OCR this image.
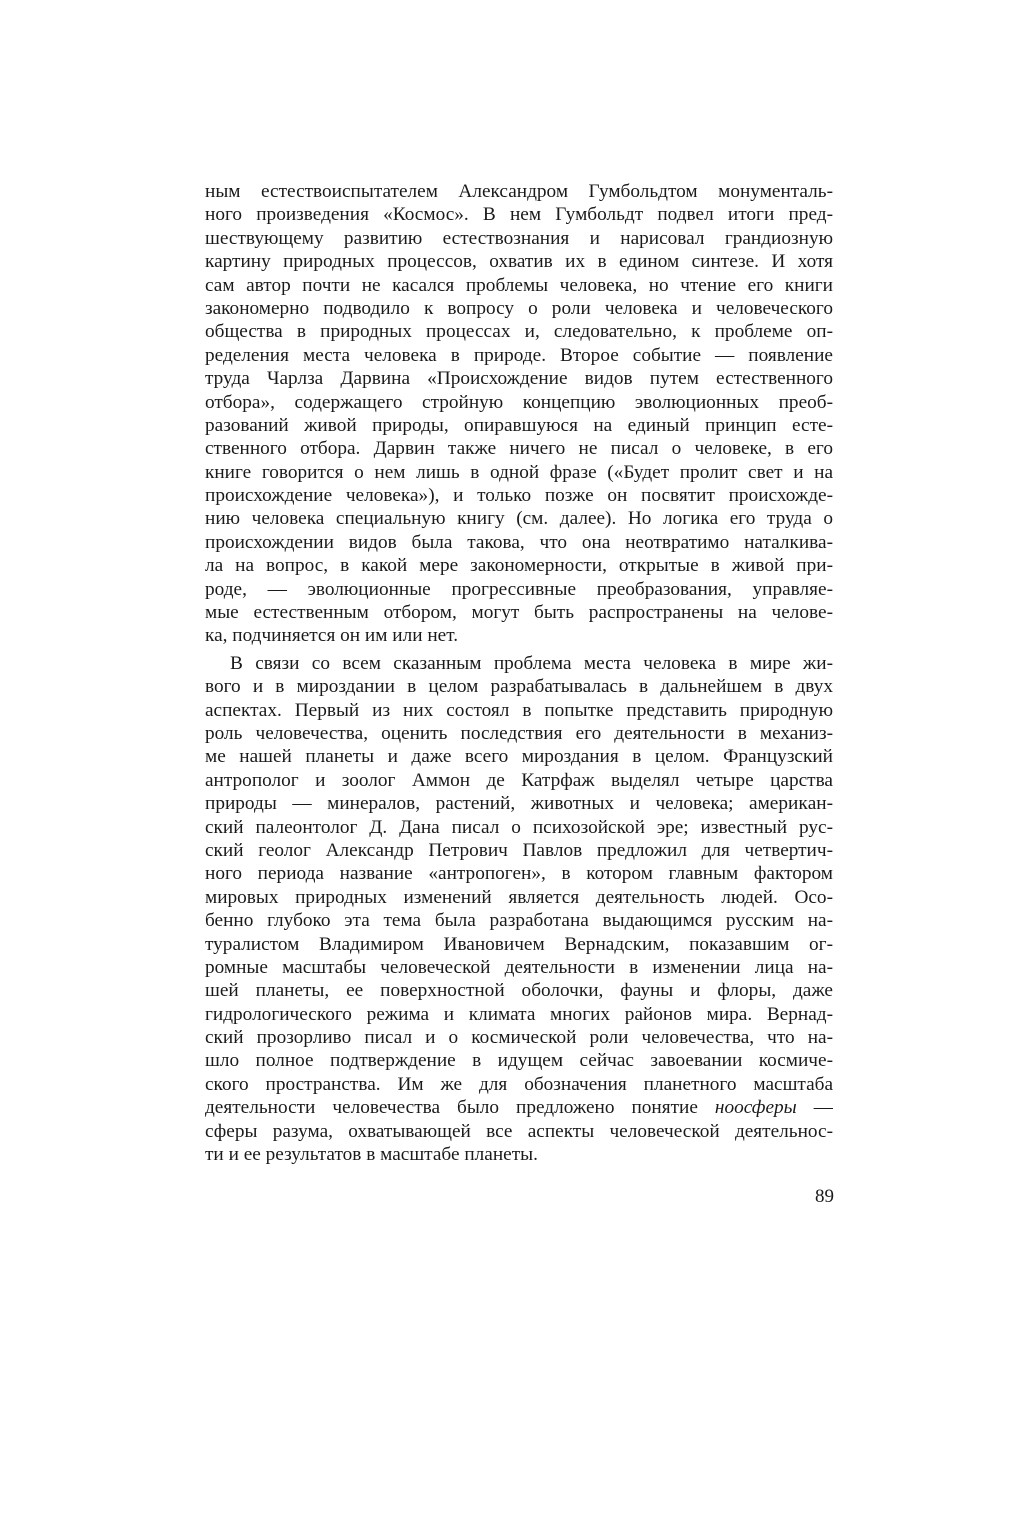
ным естествоиспытателем Александром Гумбольдтом монументаль-
ного произведения «Космос». В нем Гумбольдт подвел итоги пред-
шествующему развитию естествознания и нарисовал грандиозную
картину природных процессов, охватив их в едином синтезе. И хотя
сам автор почти не касался проблемы человека, но чтение его книги
закономерно подводило к вопросу о роли человека и человеческого
общества в природных процессах и, следовательно, к проблеме оп-
ределения места человека в природе. Второе событие — появление
труда Чарлза Дарвина «Происхождение видов путем естественного
отбора», содержащего стройную концепцию эволюционных преоб-
разований живой природы, опиравшуюся на единый принцип есте-
ственного отбора. Дарвин также ничего не писал о человеке, в его
книге говорится о нем лишь в одной фразе («Будет пролит свет и на
происхождение человека»), и только позже он посвятит происхожде-
нию человека специальную книгу (см. далее). Но логика его труда о
происхождении видов была такова, что она неотвратимо наталкива-
ла на вопрос, в какой мере закономерности, открытые в живой при-
роде, — эволюционные прогрессивные преобразования, управляе-
мые естественным отбором, могут быть распространены на челове-
ка, подчиняется он им или нет.
В связи со всем сказанным проблема места человека в мире жи-
вого и в мироздании в целом разрабатывалась в дальнейшем в двух
аспектах. Первый из них состоял в попытке представить природную
роль человечества, оценить последствия его деятельности в механиз-
ме нашей планеты и даже всего мироздания в целом. Французский
антрополог и зоолог Аммон де Катрфаж выделял четыре царства
природы — минералов, растений, животных и человека; америкaн-
ский палеонтолог Д. Дана писал о психозойской эре; известный рус-
ский геолог Александр Петрович Павлов предложил для четвертич-
ного периода название «антропоген», в котором главным фактором
мировых природных изменений является деятельность людей. Осо-
бенно глубоко эта тема была разработана выдающимся русским на-
туралистом Владимиром Ивановичем Вернадским, показавшим ог-
ромные масштабы человеческой деятельности в изменении лица на-
шей планеты, ее поверхностной оболочки, фауны и флоры, даже
гидрологического режима и климата многих районов мира. Вернад-
ский прозорливо писал и о космической роли человечества, что на-
шло полное подтверждение в идущем сейчас завоевании космиче-
ского пространства. Им же для обозначения планетного масштаба
деятельности человечества было предложено понятие ноосферы —
сферы разума, охватывающей все аспекты человеческой деятельнос-
ти и ее результатов в масштабе планеты.
89
